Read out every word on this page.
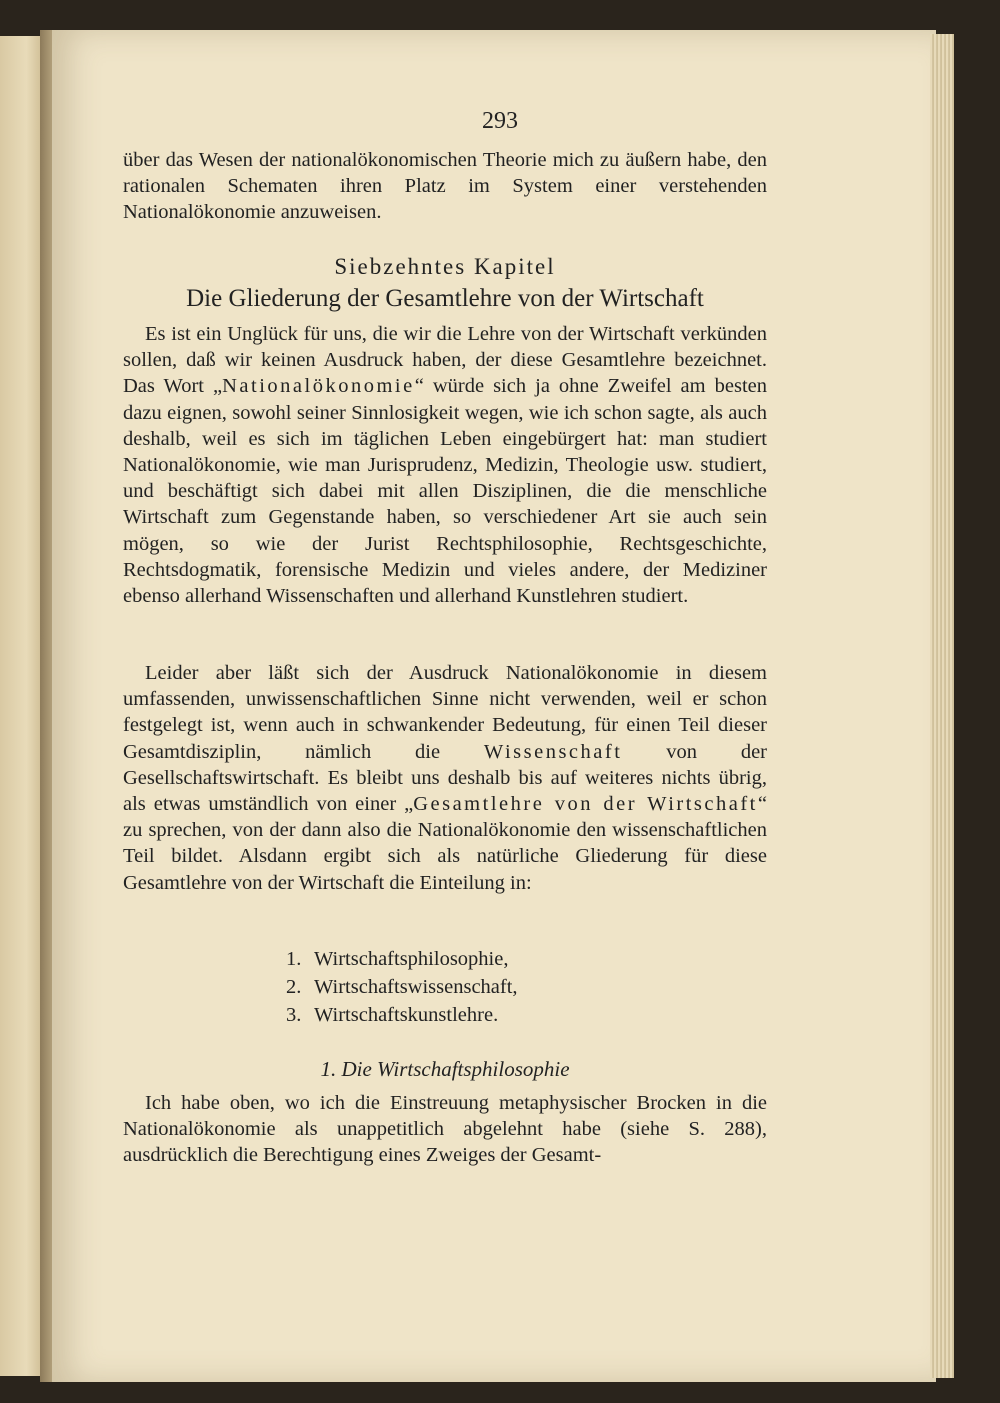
293

über das Wesen der nationalökonomischen Theorie mich zu äußern habe, den rationalen Schematen ihren Platz im System einer verstehenden Nationalökonomie anzuweisen.

Siebzehntes Kapitel
Die Gliederung der Gesamtlehre von der Wirtschaft

Es ist ein Unglück für uns, die wir die Lehre von der Wirtschaft verkünden sollen, daß wir keinen Ausdruck haben, der diese Gesamtlehre bezeichnet. Das Wort „Nationalökonomie“ würde sich ja ohne Zweifel am besten dazu eignen, sowohl seiner Sinnlosigkeit wegen, wie ich schon sagte, als auch deshalb, weil es sich im täglichen Leben eingebürgert hat: man studiert Nationalökonomie, wie man Jurisprudenz, Medizin, Theologie usw. studiert, und beschäftigt sich dabei mit allen Disziplinen, die die menschliche Wirtschaft zum Gegenstande haben, so verschiedener Art sie auch sein mögen, so wie der Jurist Rechtsphilosophie, Rechtsgeschichte, Rechtsdogmatik, forensische Medizin und vieles andere, der Mediziner ebenso allerhand Wissenschaften und allerhand Kunstlehren studiert.

Leider aber läßt sich der Ausdruck Nationalökonomie in diesem umfassenden, unwissenschaftlichen Sinne nicht verwenden, weil er schon festgelegt ist, wenn auch in schwankender Bedeutung, für einen Teil dieser Gesamtdisziplin, nämlich die Wissenschaft von der Gesellschaftswirtschaft. Es bleibt uns deshalb bis auf weiteres nichts übrig, als etwas umständlich von einer „Gesamtlehre von der Wirtschaft“ zu sprechen, von der dann also die Nationalökonomie den wissenschaftlichen Teil bildet. Alsdann ergibt sich als natürliche Gliederung für diese Gesamtlehre von der Wirtschaft die Einteilung in:

1. Wirtschaftsphilosophie,
2. Wirtschaftswissenschaft,
3. Wirtschaftskunstlehre.
1. Die Wirtschaftsphilosophie

Ich habe oben, wo ich die Einstreuung metaphysischer Brocken in die Nationalökonomie als unappetitlich abgelehnt habe (siehe S. 288), ausdrücklich die Berechtigung eines Zweiges der Gesamt-
